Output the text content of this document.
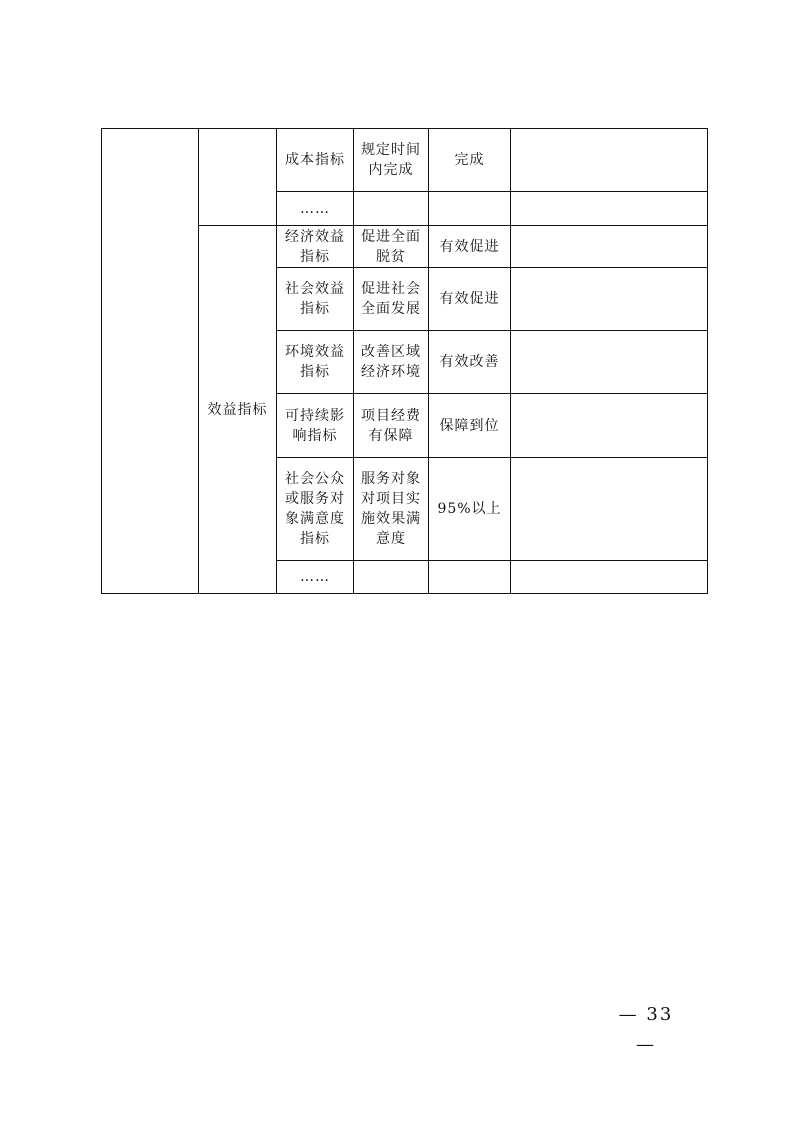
		成本指标	规定时间内完成	完成	
		……			
	效益指标	经济效益指标	促进全面脱贫	有效促进	
		社会效益指标	促进社会全面发展	有效促进	
		环境效益指标	改善区域经济环境	有效改善	
		可持续影响指标	项目经费有保障	保障到位	
		社会公众或服务对象满意度指标	服务对象对项目实施效果满意度	95%以上	
		……			
— 33 —
